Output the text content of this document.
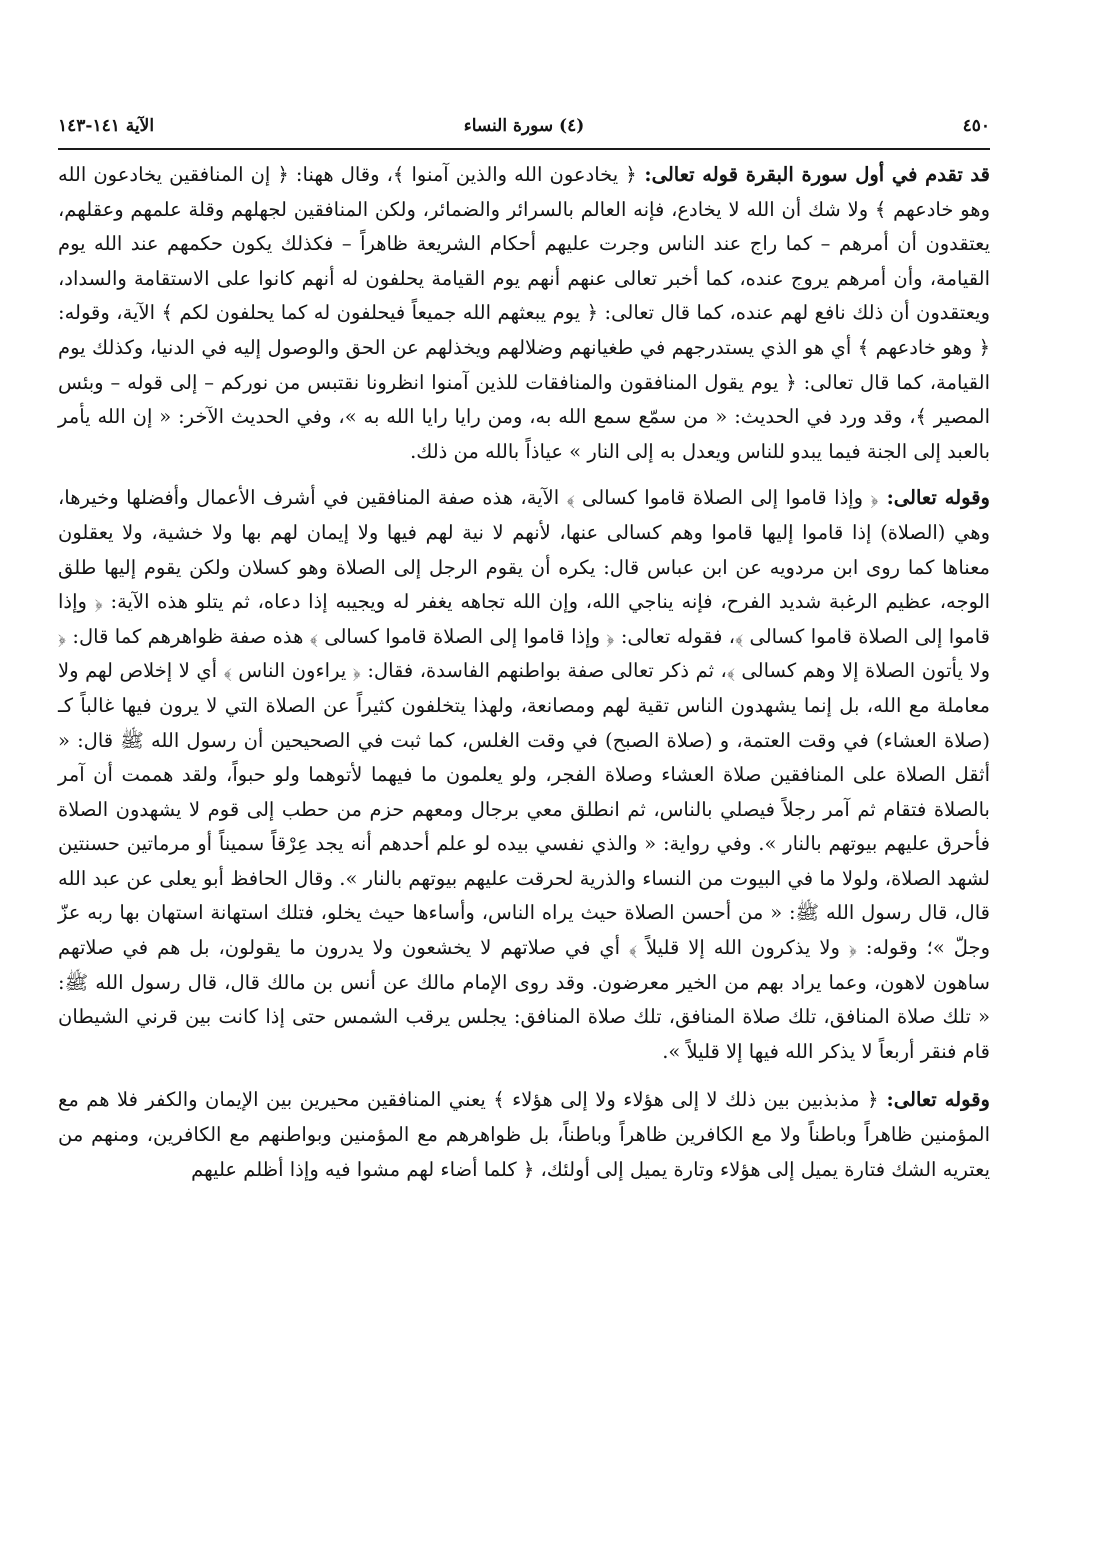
٤٥٠
(٤) سورة النساء
الآية ١٤١-١٤٣

قد تقدم في أول سورة البقرة قوله تعالى: ﴿ يخادعون الله والذين آمنوا ﴾، وقال ههنا: ﴿ إن المنافقين يخادعون الله وهو خادعهم ﴾ ولا شك أن الله لا يخادع، فإنه العالم بالسرائر والضمائر، ولكن المنافقين لجهلهم وقلة علمهم وعقلهم، يعتقدون أن أمرهم – كما راج عند الناس وجرت عليهم أحكام الشريعة ظاهراً – فكذلك يكون حكمهم عند الله يوم القيامة، وأن أمرهم يروج عنده، كما أخبر تعالى عنهم أنهم يوم القيامة يحلفون له أنهم كانوا على الاستقامة والسداد، ويعتقدون أن ذلك نافع لهم عنده، كما قال تعالى: ﴿ يوم يبعثهم الله جميعاً فيحلفون له كما يحلفون لكم ﴾ الآية، وقوله: ﴿ وهو خادعهم ﴾ أي هو الذي يستدرجهم في طغيانهم وضلالهم ويخذلهم عن الحق والوصول إليه في الدنيا، وكذلك يوم القيامة، كما قال تعالى: ﴿ يوم يقول المنافقون والمنافقات للذين آمنوا انظرونا نقتبس من نوركم – إلى قوله – وبئس المصير ﴾، وقد ورد في الحديث: « من سمّع سمع الله به، ومن رايا رايا الله به »، وفي الحديث الآخر: « إن الله يأمر بالعبد إلى الجنة فيما يبدو للناس ويعدل به إلى النار » عياذاً بالله من ذلك.

وقوله تعالى: ﴿ وإذا قاموا إلى الصلاة قاموا كسالى ﴾ الآية، هذه صفة المنافقين في أشرف الأعمال وأفضلها وخيرها، وهي (الصلاة) إذا قاموا إليها قاموا وهم كسالى عنها، لأنهم لا نية لهم فيها ولا إيمان لهم بها ولا خشية، ولا يعقلون معناها كما روى ابن مردويه عن ابن عباس قال: يكره أن يقوم الرجل إلى الصلاة وهو كسلان ولكن يقوم إليها طلق الوجه، عظيم الرغبة شديد الفرح، فإنه يناجي الله، وإن الله تجاهه يغفر له ويجيبه إذا دعاه، ثم يتلو هذه الآية: ﴿ وإذا قاموا إلى الصلاة قاموا كسالى ﴾، فقوله تعالى: ﴿ وإذا قاموا إلى الصلاة قاموا كسالى ﴾ هذه صفة ظواهرهم كما قال: ﴿ ولا يأتون الصلاة إلا وهم كسالى ﴾، ثم ذكر تعالى صفة بواطنهم الفاسدة، فقال: ﴿ يراءون الناس ﴾ أي لا إخلاص لهم ولا معاملة مع الله، بل إنما يشهدون الناس تقية لهم ومصانعة، ولهذا يتخلفون كثيراً عن الصلاة التي لا يرون فيها غالباً كـ (صلاة العشاء) في وقت العتمة، و (صلاة الصبح) في وقت الغلس، كما ثبت في الصحيحين أن رسول الله ﷺ قال: « أثقل الصلاة على المنافقين صلاة العشاء وصلاة الفجر، ولو يعلمون ما فيهما لأتوهما ولو حبواً، ولقد هممت أن آمر بالصلاة فتقام ثم آمر رجلاً فيصلي بالناس، ثم انطلق معي برجال ومعهم حزم من حطب إلى قوم لا يشهدون الصلاة فأحرق عليهم بيوتهم بالنار ». وفي رواية: « والذي نفسي بيده لو علم أحدهم أنه يجد عِرْقاً سميناً أو مرماتين حسنتين لشهد الصلاة، ولولا ما في البيوت من النساء والذرية لحرقت عليهم بيوتهم بالنار ». وقال الحافظ أبو يعلى عن عبد الله قال، قال رسول الله ﷺ: « من أحسن الصلاة حيث يراه الناس، وأساءها حيث يخلو، فتلك استهانة استهان بها ربه عزّ وجلّ »؛ وقوله: ﴿ ولا يذكرون الله إلا قليلاً ﴾ أي في صلاتهم لا يخشعون ولا يدرون ما يقولون، بل هم في صلاتهم ساهون لاهون، وعما يراد بهم من الخير معرضون. وقد روى الإمام مالك عن أنس بن مالك قال، قال رسول الله ﷺ: « تلك صلاة المنافق، تلك صلاة المنافق، تلك صلاة المنافق: يجلس يرقب الشمس حتى إذا كانت بين قرني الشيطان قام فنقر أربعاً لا يذكر الله فيها إلا قليلاً ».

وقوله تعالى: ﴿ مذبذبين بين ذلك لا إلى هؤلاء ولا إلى هؤلاء ﴾ يعني المنافقين محيرين بين الإيمان والكفر فلا هم مع المؤمنين ظاهراً وباطناً ولا مع الكافرين ظاهراً وباطناً، بل ظواهرهم مع المؤمنين وبواطنهم مع الكافرين، ومنهم من يعتريه الشك فتارة يميل إلى هؤلاء وتارة يميل إلى أولئك، ﴿ كلما أضاء لهم مشوا فيه وإذا أظلم عليهم
